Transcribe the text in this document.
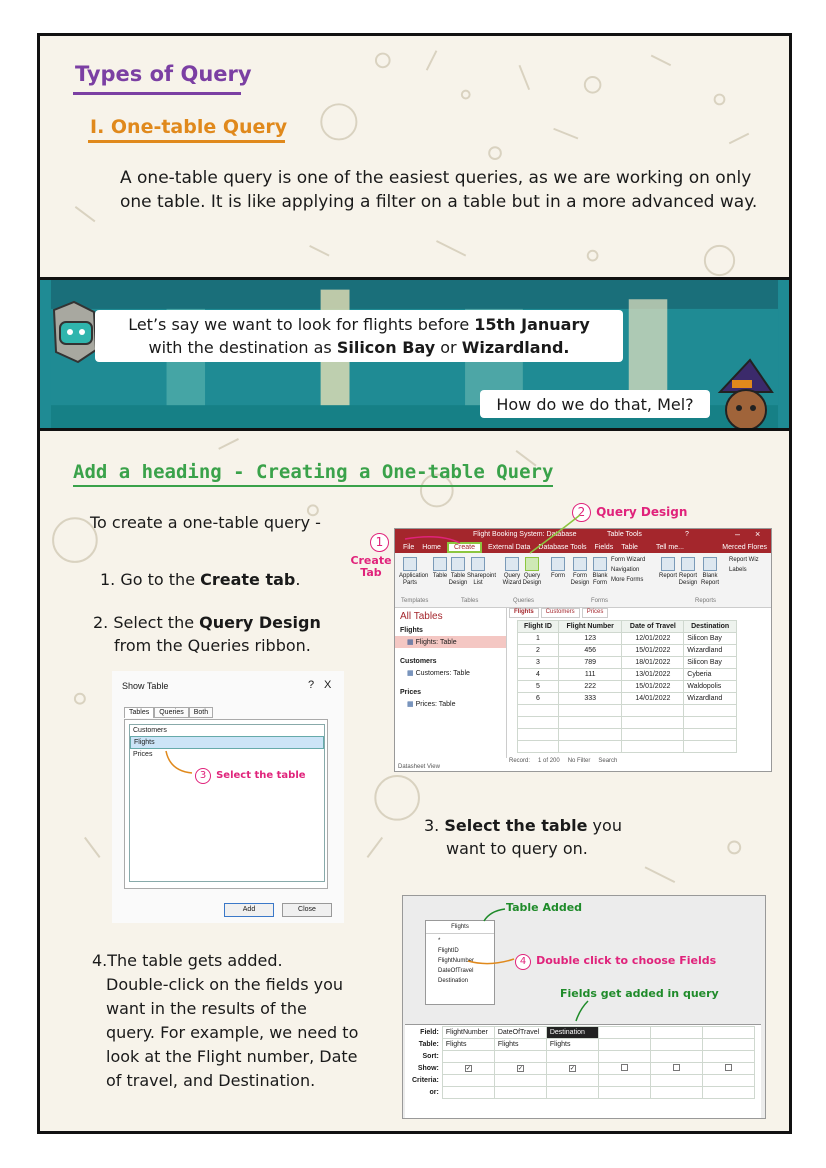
Types of Query
I. One-table Query
A one-table query is one of the easiest queries, as we are working on only one table. It is like applying a filter on a table but in a more advanced way.
Let’s say we want to look for flights before 15th January
with the destination as Silicon Bay or Wizardland.
How do we do that, Mel?
Add a heading - Creating a One-table Query
To create a one-table query -
1. Go to the Create tab.
2. Select the Query Design
from the Queries ribbon.
3. Select the table you
want to query on.
4.The table gets added.
Double-click on the fields you
want in the results of the
query. For example, we need to
look at the Flight number, Date
of travel, and Destination.
1
Create Tab
2 Query Design
Flight Booking System: Database	Table Tools	?	– ×
File Home	Create	External Data Database Tools Fields Table	Tell me...	Merced Flores
Application Parts
Table Table Design
Sharepoint List
Query Wizard
Query Design
Form	Form Design
Blank Form
Report Report Design
Blank Report
Form Wizard
Navigation
More Forms
Report Wiz
Labels
Templates	Tables	Queries	Forms	Reports
All Tables
Flights
▦ Flights: Table
Customers
▦ Customers: Table
Prices
▦ Prices: Table
Flights	Customers	Prices
Flight ID	Flight Number	Date of Travel	Destination
1	123	12/01/2022	Silicon Bay
2	456	15/01/2022	Wizardland
3	789	18/01/2022	Silicon Bay
4	111	13/01/2022	Cyberia
5	222	15/01/2022	Waldopolis
6	333	14/01/2022	Wizardland

Record: 1 of 200 No Filter Search
Datasheet View
Show Table	? X
Tables	Queries	Both
Customers
Flights
Prices
Add	Close
3 Select the table
Flights
*
FlightID
FlightNumber
DateOfTravel
Destination
Field:	FlightNumber	DateOfTravel	Destination			
Table:	Flights	Flights	Flights			
Sort:						
Show:	✓	✓	✓			
Criteria:						
or:						
Table Added
4 Double click to choose Fields
Fields get added in query
